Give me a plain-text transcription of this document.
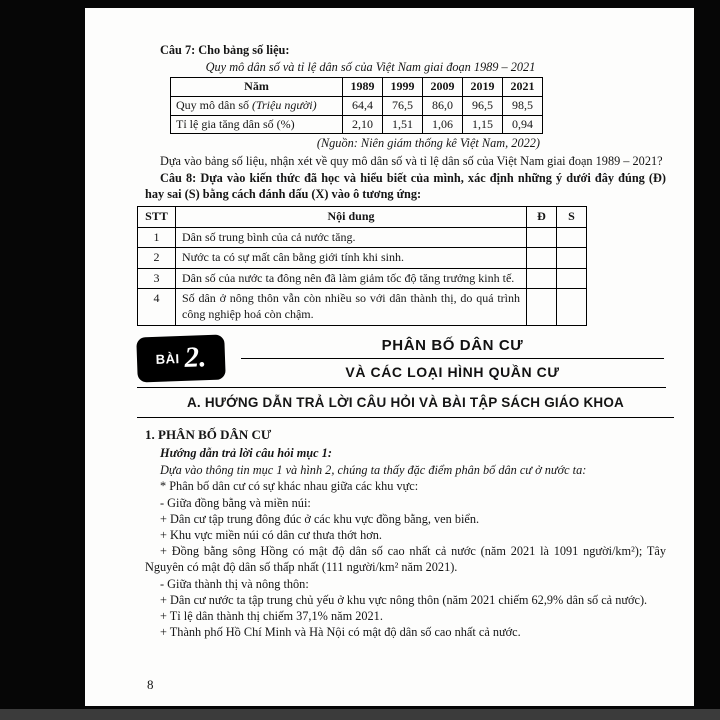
Câu 7: Cho bảng số liệu:

Quy mô dân số và tỉ lệ dân số của Việt Nam giai đoạn 1989 – 2021
Năm	1989	1999	2009	2019	2021
Quy mô dân số (Triệu người)	64,4	76,5	86,0	96,5	98,5
Tỉ lệ gia tăng dân số (%)	2,10	1,51	1,06	1,15	0,94
(Nguồn: Niên giám thống kê Việt Nam, 2022)

Dựa vào bảng số liệu, nhận xét về quy mô dân số và tỉ lệ dân số của Việt Nam giai đoạn 1989 – 2021?

Câu 8: Dựa vào kiến thức đã học và hiểu biết của mình, xác định những ý dưới đây đúng (Đ) hay sai (S) bằng cách đánh dấu (X) vào ô tương ứng:

STT	Nội dung	Đ	S
1	Dân số trung bình của cả nước tăng.		
2	Nước ta có sự mất cân bằng giới tính khi sinh.		
3	Dân số của nước ta đông nên đã làm giảm tốc độ tăng trưởng kinh tế.		
4	Số dân ở nông thôn vẫn còn nhiều so với dân thành thị, do quá trình công nghiệp hoá còn chậm.		
BÀI 2.	PHÂN BỐ DÂN CƯ
VÀ CÁC LOẠI HÌNH QUẦN CƯ
A. HƯỚNG DẪN TRẢ LỜI CÂU HỎI VÀ BÀI TẬP SÁCH GIÁO KHOA

1. PHÂN BỐ DÂN CƯ

Hướng dẫn trả lời câu hỏi mục 1:

Dựa vào thông tin mục 1 và hình 2, chúng ta thấy đặc điểm phân bố dân cư ở nước ta:

* Phân bố dân cư có sự khác nhau giữa các khu vực:

- Giữa đồng bằng và miền núi:

+ Dân cư tập trung đông đúc ở các khu vực đồng bằng, ven biển.

+ Khu vực miền núi có dân cư thưa thớt hơn.

+ Đồng bằng sông Hồng có mật độ dân số cao nhất cả nước (năm 2021 là 1091 người/km²); Tây Nguyên có mật độ dân số thấp nhất (111 người/km² năm 2021).

- Giữa thành thị và nông thôn:

+ Dân cư nước ta tập trung chủ yếu ở khu vực nông thôn (năm 2021 chiếm 62,9% dân số cả nước).

+ Tỉ lệ dân thành thị chiếm 37,1% năm 2021.

+ Thành phố Hồ Chí Minh và Hà Nội có mật độ dân số cao nhất cả nước.

8
